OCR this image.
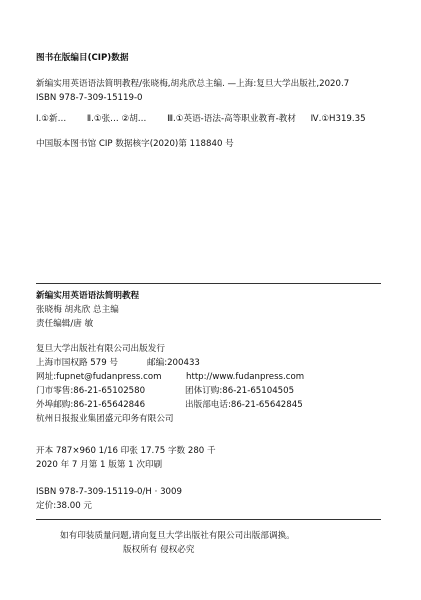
图书在版编目(CIP)数据
新编实用英语语法简明教程/张晓梅,胡兆欣总主编. —上海:复旦大学出版社,2020.7
ISBN 978-7-309-15119-0
Ⅰ.①新… Ⅱ.①张… ②胡… Ⅲ.①英语-语法-高等职业教育-教材 Ⅳ.①H319.35
中国版本图书馆 CIP 数据核字(2020)第 118840 号
新编实用英语语法简明教程
张晓梅 胡兆欣 总主编
责任编辑/唐 敏
复旦大学出版社有限公司出版发行
上海市国权路 579 号	邮编:200433
网址:fupnet@fudanpress.com	http://www.fudanpress.com
门市零售:86-21-65102580	团体订购:86-21-65104505
外埠邮购:86-21-65642846	出版部电话:86-21-65642845
杭州日报报业集团盛元印务有限公司
开本 787×960 1/16 印张 17.75 字数 280 千
2020 年 7 月第 1 版第 1 次印刷
ISBN 978-7-309-15119-0/H · 3009
定价:38.00 元
如有印装质量问题,请向复旦大学出版社有限公司出版部调换。
版权所有 侵权必究
